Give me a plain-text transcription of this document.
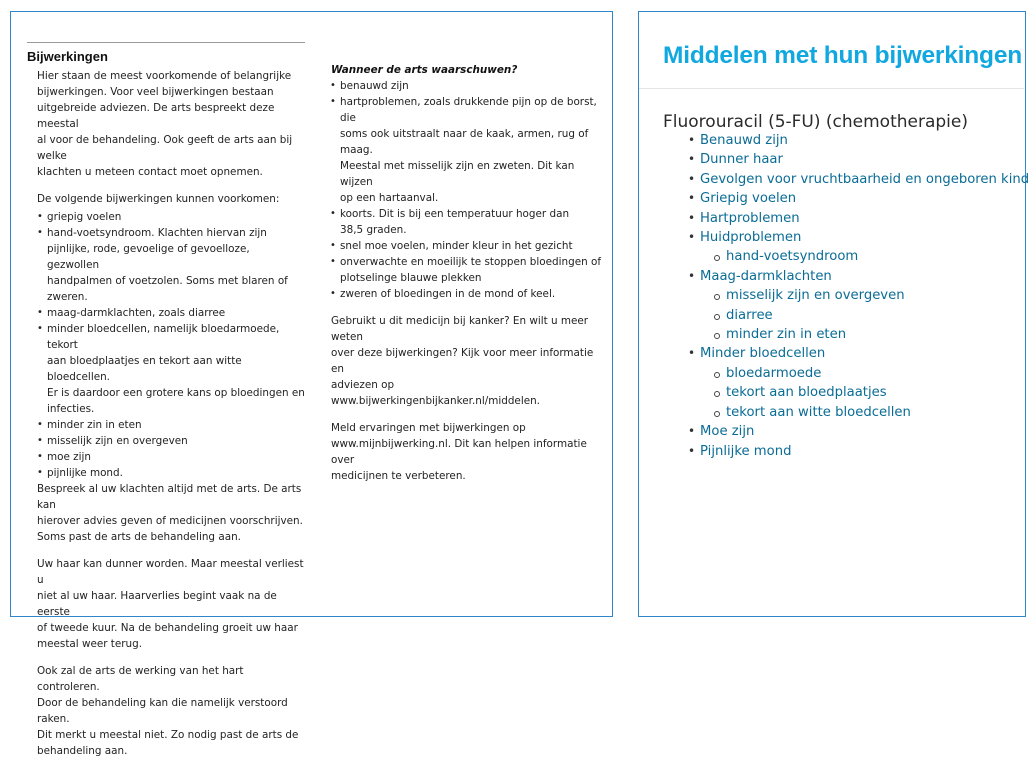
Bijwerkingen
Hier staan de meest voorkomende of belangrijke
bijwerkingen. Voor veel bijwerkingen bestaan
uitgebreide adviezen. De arts bespreekt deze meestal
al voor de behandeling. Ook geeft de arts aan bij welke
klachten u meteen contact moet opnemen.
De volgende bijwerkingen kunnen voorkomen:
• griepig voelen
• hand-voetsyndroom. Klachten hiervan zijn
pijnlijke, rode, gevoelige of gevoelloze, gezwollen
handpalmen of voetzolen. Soms met blaren of
zweren.
• maag-darmklachten, zoals diarree
• minder bloedcellen, namelijk bloedarmoede, tekort
aan bloedplaatjes en tekort aan witte bloedcellen.
Er is daardoor een grotere kans op bloedingen en
infecties.
• minder zin in eten
• misselijk zijn en overgeven
• moe zijn
• pijnlijke mond.
Bespreek al uw klachten altijd met de arts. De arts kan
hierover advies geven of medicijnen voorschrijven.
Soms past de arts de behandeling aan.
Uw haar kan dunner worden. Maar meestal verliest u
niet al uw haar. Haarverlies begint vaak na de eerste
of tweede kuur. Na de behandeling groeit uw haar
meestal weer terug.
Ook zal de arts de werking van het hart controleren.
Door de behandeling kan die namelijk verstoord raken.
Dit merkt u meestal niet. Zo nodig past de arts de
behandeling aan.
Wanneer de arts waarschuwen?
• benauwd zijn
• hartproblemen, zoals drukkende pijn op de borst, die
soms ook uitstraalt naar de kaak, armen, rug of maag.
Meestal met misselijk zijn en zweten. Dit kan wijzen
op een hartaanval.
• koorts. Dit is bij een temperatuur hoger dan
38,5 graden.
• snel moe voelen, minder kleur in het gezicht
• onverwachte en moeilijk te stoppen bloedingen of
plotselinge blauwe plekken
• zweren of bloedingen in de mond of keel.
Gebruikt u dit medicijn bij kanker? En wilt u meer weten
over deze bijwerkingen? Kijk voor meer informatie en
adviezen op www.bijwerkingenbijkanker.nl/middelen.
Meld ervaringen met bijwerkingen op
www.mijnbijwerking.nl. Dit kan helpen informatie over
medicijnen te verbeteren.
Middelen met hun bijwerkingen
Fluorouracil (5-FU) (chemotherapie)
• Benauwd zijn
• Dunner haar
• Gevolgen voor vruchtbaarheid en ongeboren kind
• Griepig voelen
• Hartproblemen
• Huidproblemen
hand-voetsyndroom
• Maag-darmklachten
misselijk zijn en overgeven
diarree
minder zin in eten
• Minder bloedcellen
bloedarmoede
tekort aan bloedplaatjes
tekort aan witte bloedcellen
• Moe zijn
• Pijnlijke mond
